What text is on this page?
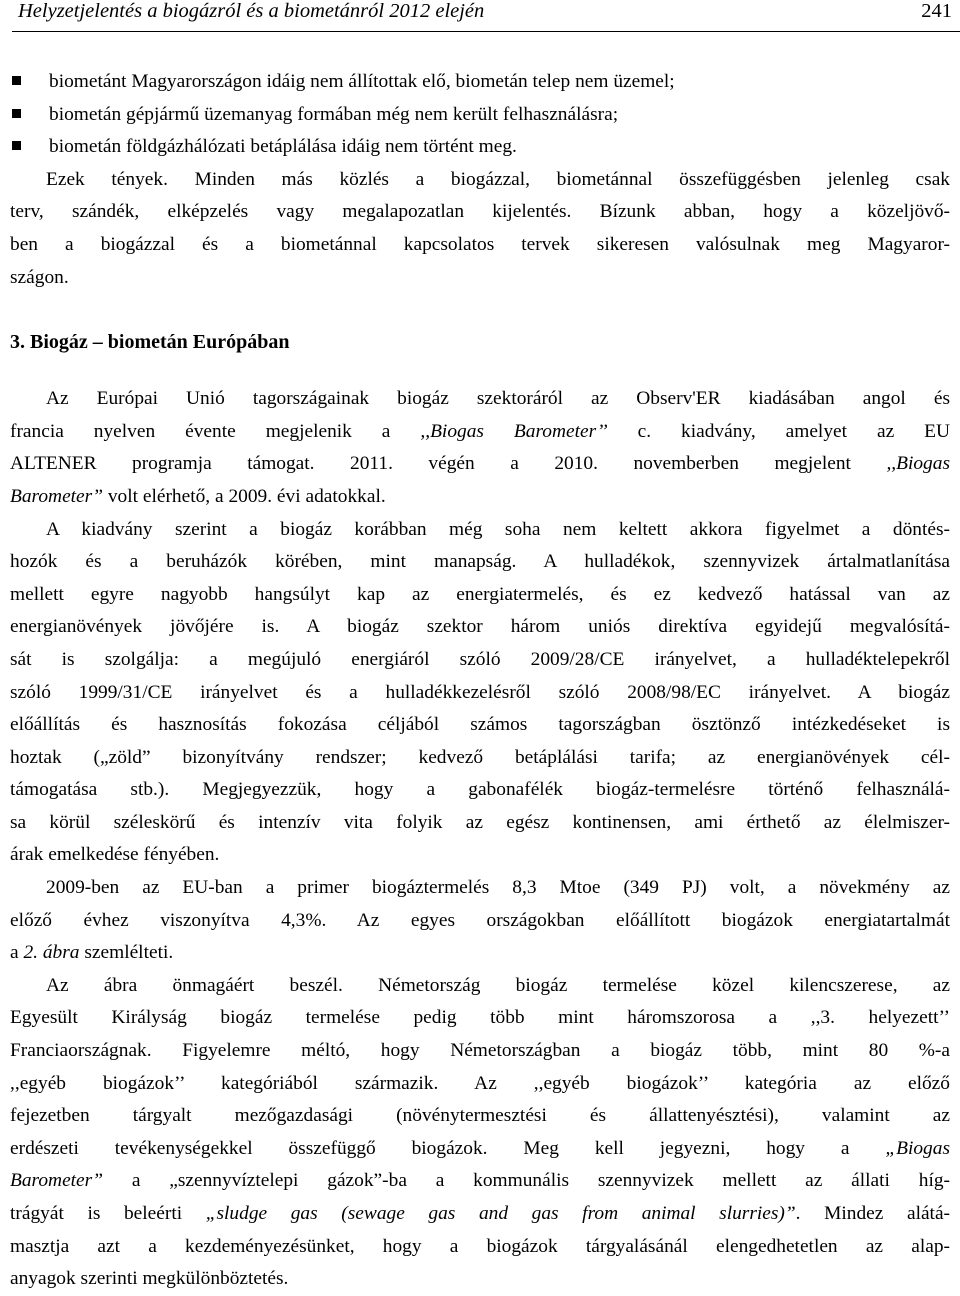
Helyzetjelentés a biogázról és a biometánról 2012 elején	241
biometánt Magyarországon idáig nem állítottak elő, biometán telep nem üzemel;
biometán gépjármű üzemanyag formában még nem került felhasználásra;
biometán földgázhálózati betáplálása idáig nem történt meg.
Ezek tények. Minden más közlés a biogázzal, biometánnal összefüggésben jelenleg csak
terv, szándék, elképzelés vagy megalapozatlan kijelentés. Bízunk abban, hogy a közeljövő-
ben a biogázzal és a biometánnal kapcsolatos tervek sikeresen valósulnak meg Magyaror-
szágon.
3. Biogáz – biometán Európában
Az Európai Unió tagországainak biogáz szektoráról az Observ'ER kiadásában angol és
francia nyelven évente megjelenik a ,,Biogas Barometer’’ c. kiadvány, amelyet az EU
ALTENER programja támogat. 2011. végén a 2010. novemberben megjelent ,,Biogas
Barometer” volt elérhető, a 2009. évi adatokkal.
A kiadvány szerint a biogáz korábban még soha nem keltett akkora figyelmet a döntés-
hozók és a beruházók körében, mint manapság. A hulladékok, szennyvizek ártalmatlanítása
mellett egyre nagyobb hangsúlyt kap az energiatermelés, és ez kedvező hatással van az
energianövények jövőjére is. A biogáz szektor három uniós direktíva egyidejű megvalósítá-
sát is szolgálja: a megújuló energiáról szóló 2009/28/CE irányelvet, a hulladéktelepekről
szóló 1999/31/CE irányelvet és a hulladékkezelésről szóló 2008/98/EC irányelvet. A biogáz
előállítás és hasznosítás fokozása céljából számos tagországban ösztönző intézkedéseket is
hoztak („zöld” bizonyítvány rendszer; kedvező betáplálási tarifa; az energianövények cél-
támogatása stb.). Megjegyezzük, hogy a gabonafélék biogáz-termelésre történő felhasználá-
sa körül széleskörű és intenzív vita folyik az egész kontinensen, ami érthető az élelmiszer-
árak emelkedése fényében.
2009-ben az EU-ban a primer biogáztermelés 8,3 Mtoe (349 PJ) volt, a növekmény az
előző évhez viszonyítva 4,3%. Az egyes országokban előállított biogázok energiatartalmát
a 2. ábra szemlélteti.
Az ábra önmagáért beszél. Németország biogáz termelése közel kilencszerese, az
Egyesült Királyság biogáz termelése pedig több mint háromszorosa a ,,3. helyezett’’
Franciaországnak. Figyelemre méltó, hogy Németországban a biogáz több, mint 80 %-a
,,egyéb biogázok’’ kategóriából származik. Az ,,egyéb biogázok’’ kategória az előző
fejezetben tárgyalt mezőgazdasági (növénytermesztési és állattenyésztési), valamint az
erdészeti tevékenységekkel összefüggő biogázok. Meg kell jegyezni, hogy a „Biogas
Barometer” a „szennyvíztelepi gázok”-ba a kommunális szennyvizek mellett az állati híg-
trágyát is beleérti „sludge gas (sewage gas and gas from animal slurries)”. Mindez alátá-
masztja azt a kezdeményezésünket, hogy a biogázok tárgyalásánál elengedhetetlen az alap-
anyagok szerinti megkülönböztetés.
